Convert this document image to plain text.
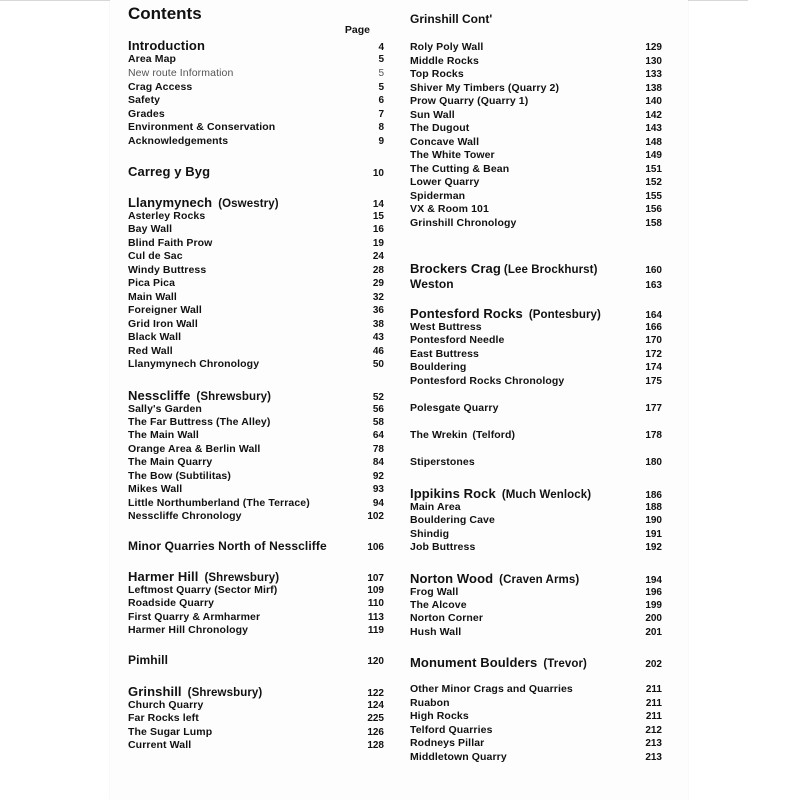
Contents
Page
Introduction	4
Area Map	5
New route Information	5
Crag Access	5
Safety	6
Grades	7
Environment & Conservation	8
Acknowledgements	9
Carreg y Byg	10
Llanymynech (Oswestry)	14
Asterley Rocks	15
Bay Wall	16
Blind Faith Prow	19
Cul de Sac	24
Windy Buttress	28
Pica Pica	29
Main Wall	32
Foreigner Wall	36
Grid Iron Wall	38
Black Wall	43
Red Wall	46
Llanymynech Chronology	50
Nesscliffe (Shrewsbury)	52
Sally's Garden	56
The Far Buttress (The Alley)	58
The Main Wall	64
Orange Area & Berlin Wall	78
The Main Quarry	84
The Bow (Subtilitas)	92
Mikes Wall	93
Little Northumberland (The Terrace)	94
Nesscliffe Chronology	102
Minor Quarries North of Nesscliffe	106
Harmer Hill (Shrewsbury)	107
Leftmost Quarry (Sector Mirf)	109
Roadside Quarry	110
First Quarry & Armharmer	113
Harmer Hill Chronology	119
Pimhill	120
Grinshill (Shrewsbury)	122
Church Quarry	124
Far Rocks left	225
The Sugar Lump	126
Current Wall	128
Grinshill Cont'
Roly Poly Wall	129
Middle Rocks	130
Top Rocks	133
Shiver My Timbers (Quarry 2)	138
Prow Quarry (Quarry 1)	140
Sun Wall	142
The Dugout	143
Concave Wall	148
The White Tower	149
The Cutting & Bean	151
Lower Quarry	152
Spiderman	155
VX & Room 101	156
Grinshill Chronology	158
Brockers Crag (Lee Brockhurst)	160
Weston	163
Pontesford Rocks (Pontesbury)	164
West Buttress	166
Pontesford Needle	170
East Buttress	172
Bouldering	174
Pontesford Rocks Chronology	175
Polesgate Quarry	177
The Wrekin (Telford)	178
Stiperstones	180
Ippikins Rock (Much Wenlock)	186
Main Area	188
Bouldering Cave	190
Shindig	191
Job Buttress	192
Norton Wood (Craven Arms)	194
Frog Wall	196
The Alcove	199
Norton Corner	200
Hush Wall	201
Monument Boulders (Trevor)	202
Other Minor Crags and Quarries	211
Ruabon	211
High Rocks	211
Telford Quarries	212
Rodneys Pillar	213
Middletown Quarry	213
